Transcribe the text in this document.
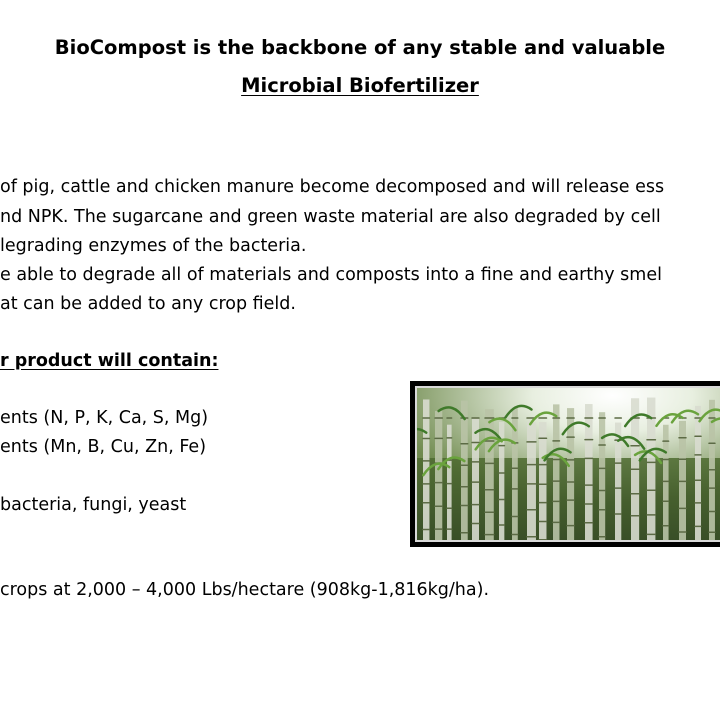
BioCompost is the backbone of any stable and valuable
Microbial Biofertilizer
of pig, cattle and chicken manure become decomposed and will release ess
nd NPK. The sugarcane and green waste material are also degraded by cell
legrading enzymes of the bacteria.
e able to degrade all of materials and composts into a fine and earthy smel
at can be added to any crop field.
r product will contain:
ents (N, P, K, Ca, S, Mg)
ents (Mn, B, Cu, Zn, Fe)
bacteria, fungi, yeast
crops at 2,000 – 4,000 Lbs/hectare (908kg-1,816kg/ha).
